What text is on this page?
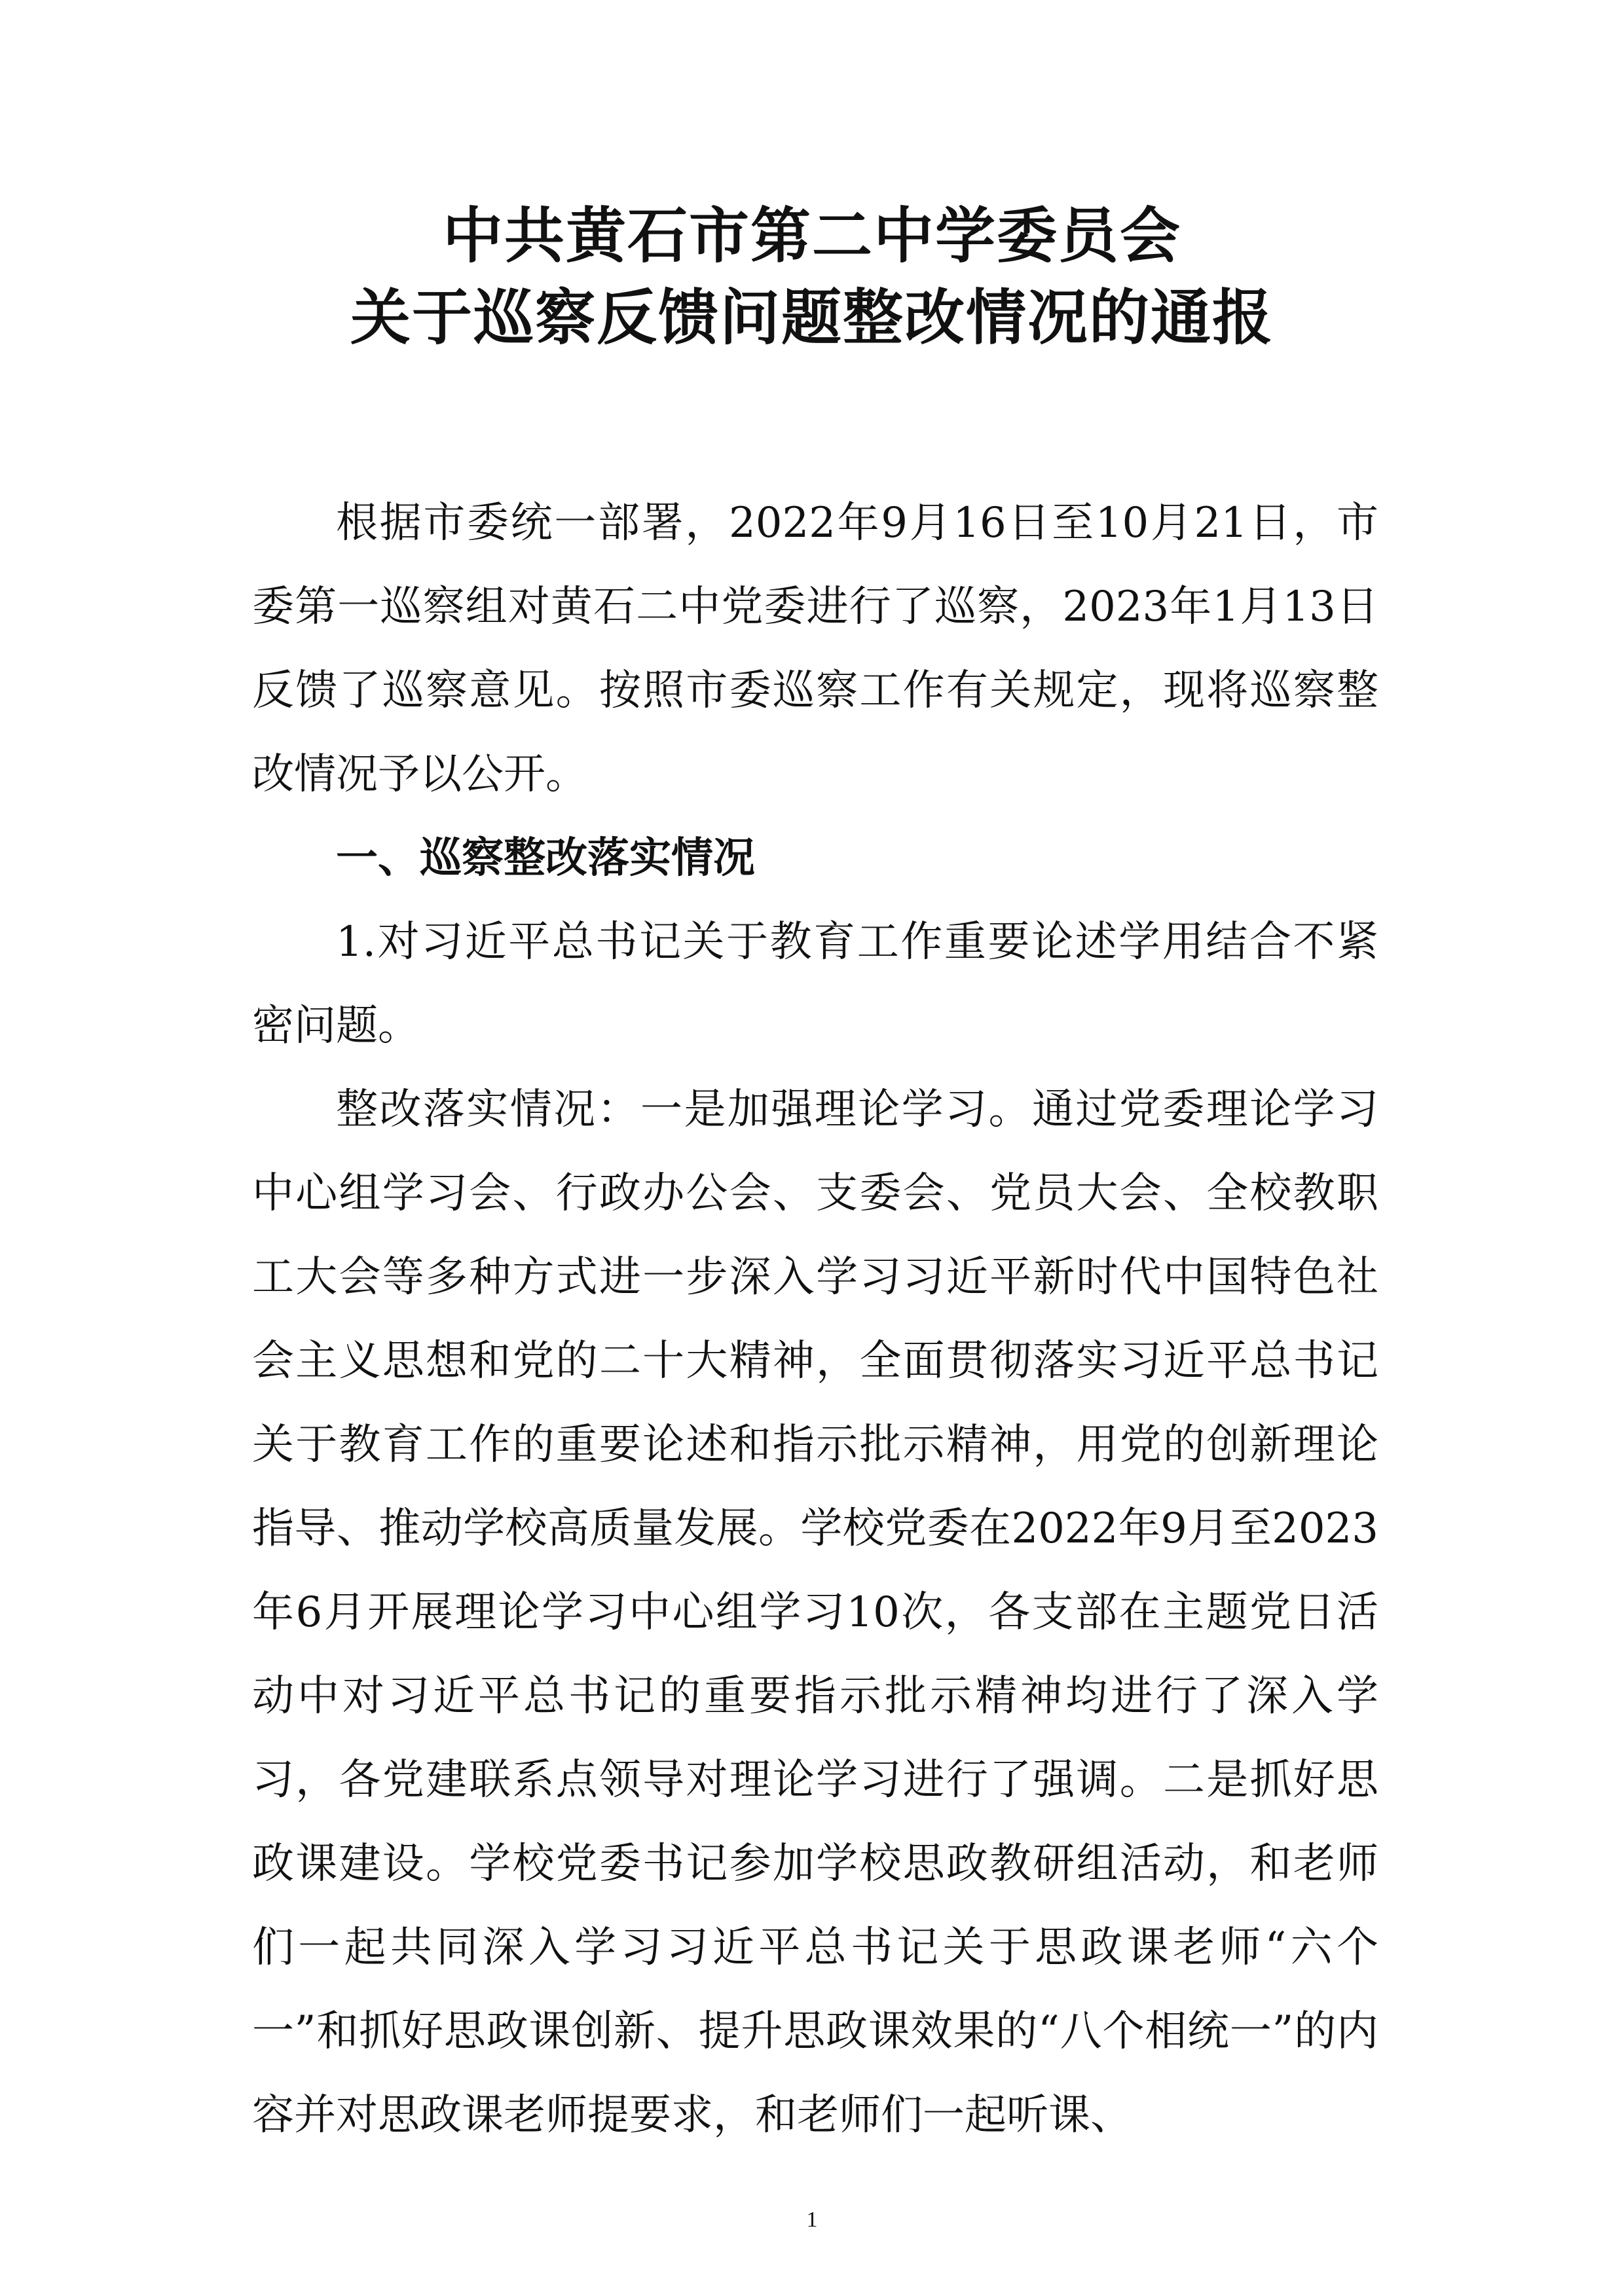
中共黄石市第二中学委员会
关于巡察反馈问题整改情况的通报

根据市委统一部署，2022年9月16日至10月21日，市委第一巡察组对黄石二中党委进行了巡察，2023年1月13日反馈了巡察意见。按照市委巡察工作有关规定，现将巡察整改情况予以公开。

一、巡察整改落实情况

1.对习近平总书记关于教育工作重要论述学用结合不紧密问题。

整改落实情况：一是加强理论学习。通过党委理论学习中心组学习会、行政办公会、支委会、党员大会、全校教职工大会等多种方式进一步深入学习习近平新时代中国特色社会主义思想和党的二十大精神，全面贯彻落实习近平总书记关于教育工作的重要论述和指示批示精神，用党的创新理论指导、推动学校高质量发展。学校党委在2022年9月至2023年6月开展理论学习中心组学习10次，各支部在主题党日活动中对习近平总书记的重要指示批示精神均进行了深入学习，各党建联系点领导对理论学习进行了强调。二是抓好思政课建设。学校党委书记参加学校思政教研组活动，和老师们一起共同深入学习习近平总书记关于思政课老师“六个一”和抓好思政课创新、提升思政课效果的“八个相统一”的内容并对思政课老师提要求，和老师们一起听课、

1
